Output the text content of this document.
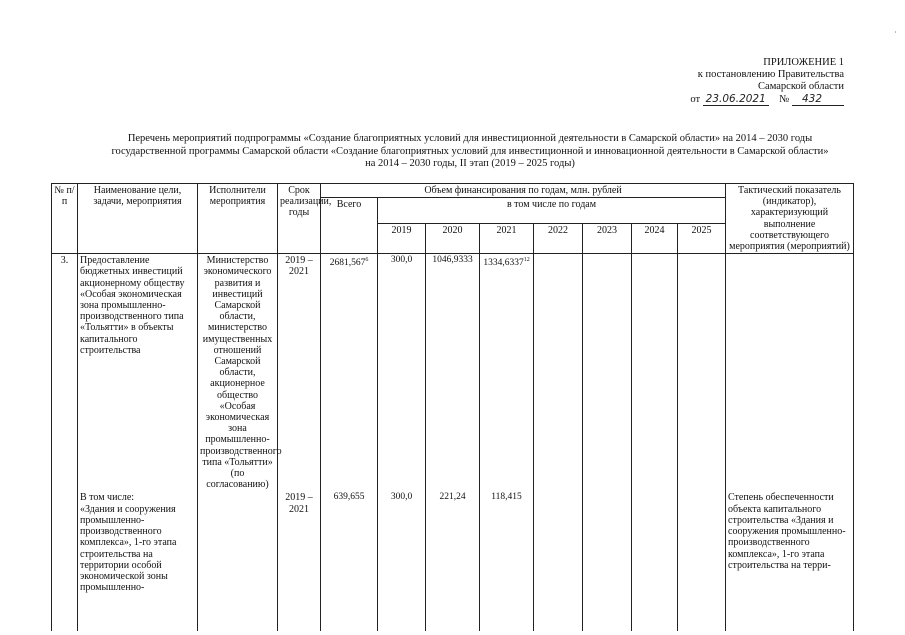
˙
ПРИЛОЖЕНИЕ 1
к постановлению Правительства
Самарской области
от 23.06.2021 № 432
Перечень мероприятий подпрограммы «Создание благоприятных условий для инвестиционной деятельности в Самарской области» на 2014 – 2030 годы
государственной программы Самарской области «Создание благоприятных условий для инвестиционной и инновационной деятельности в Самарской области»
на 2014 – 2030 годы, II этап (2019 – 2025 годы)
№ п/п	Наименование цели, задачи, мероприятия	Исполнители мероприятия	Срок реализации, годы	Объем финансирования по годам, млн. рублей								Тактический показатель (индикатор), характеризующий выполнение соответствующего мероприятия (мероприятий)
				Всего	в том числе по годам							
					2019	2020	2021	2022	2023	2024	2025	
3.	Предоставление бюджетных инвестиций акционерному обществу «Особая экономическая зона промышленно-производственного типа «Тольятти» в объекты капитального строительства	Министерство экономического развития и инвестиций Самарской области, министерство имущественных отношений Самарской области, акционерное общество «Особая экономическая зона промышленно-производственного типа «Тольятти» (по согласованию)	2019 – 2021	2681,567$^6$	300,0	1046,9333	1334,6337$^{12}$					

	В том числе:
«Здания и сооружения промышленно-производственного комплекса», 1-го этапа строительства на территории особой экономической зоны промышленно-		2019 – 2021	639,655	300,0	221,24	118,415					Степень обеспеченности объекта капитального строительства «Здания и сооружения промышленно-производственного комплекса», 1-го этапа строительства на терри-
